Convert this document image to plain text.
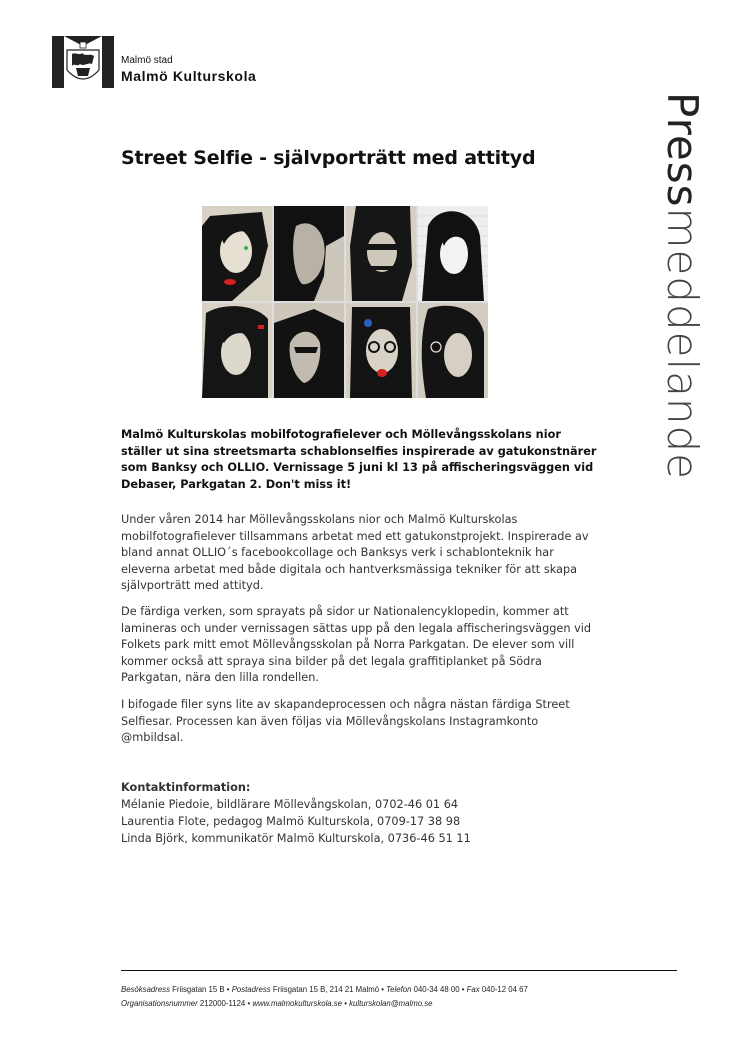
Malmö stad
Malmö Kulturskola
Pressmeddelande
Street Selfie - självporträtt med attityd

Malmö Kulturskolas mobilfotografielever och Möllevångsskolans nior ställer ut sina streetsmarta schablonselfies inspirerade av gatukonstnärer som Banksy och OLLIO. Vernissage 5 juni kl 13 på affischeringsväggen vid Debaser, Parkgatan 2. Don't miss it!

Under våren 2014 har Möllevångsskolans nior och Malmö Kulturskolas mobilfotografielever tillsammans arbetat med ett gatukonstprojekt. Inspirerade av bland annat OLLIO´s facebookcollage och Banksys verk i schablonteknik har eleverna arbetat med både digitala och hantverksmässiga tekniker för att skapa självporträtt med attityd.

De färdiga verken, som sprayats på sidor ur Nationalencyklopedin, kommer att lamineras och under vernissagen sättas upp på den legala affischeringsväggen vid Folkets park mitt emot Möllevångsskolan på Norra Parkgatan. De elever som vill kommer också att spraya sina bilder på det legala graffitiplanket på Södra Parkgatan, nära den lilla rondellen.

I bifogade filer syns lite av skapandeprocessen och några nästan färdiga Street Selfiesar. Processen kan även följas via Möllevångskolans Instagramkonto @mbildsal.

Kontaktinformation:

Mélanie Piedoie, bildlärare Möllevångskolan, 0702-46 01 64

Laurentia Flote, pedagog Malmö Kulturskola, 0709-17 38 98

Linda Björk, kommunikatör Malmö Kulturskola, 0736-46 51 11

Besöksadress Friisgatan 15 B • Postadress Friisgatan 15 B, 214 21 Malmö • Telefon 040-34 48 00 • Fax 040-12 04 67
Organisationsnummer 212000-1124 • www.malmokulturskola.se • kulturskolan@malmo.se
